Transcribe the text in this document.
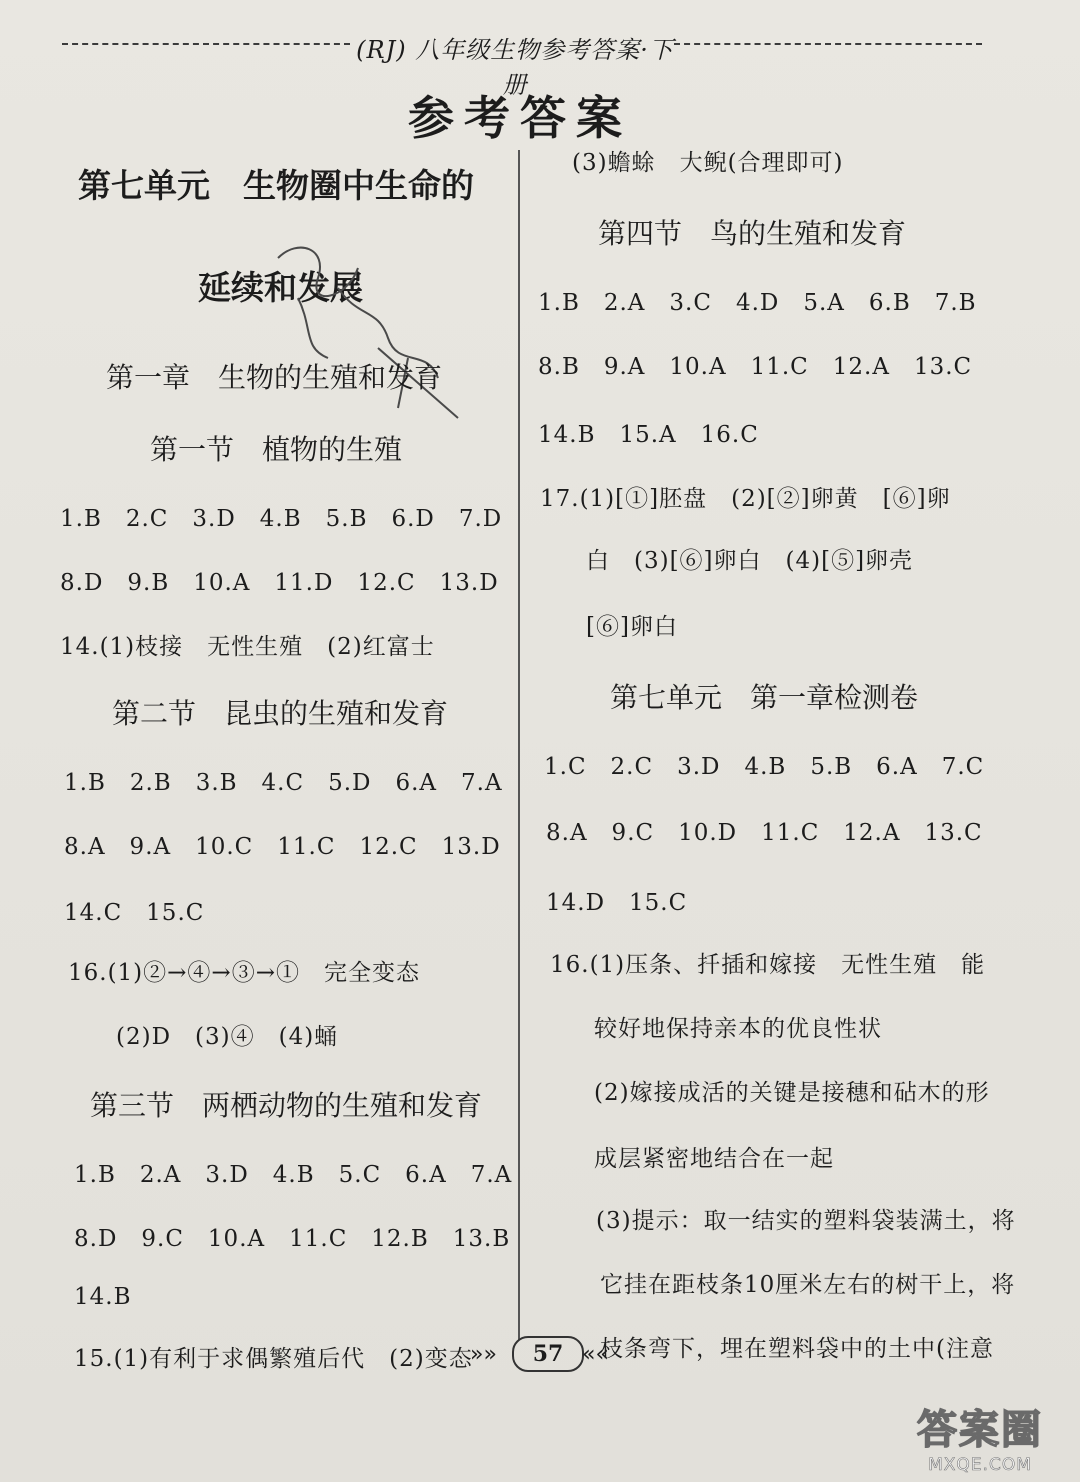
(RJ) 八年级生物参考答案·下册
参考答案
第七单元　生物圈中生命的
延续和发展
第一章　生物的生殖和发育
第一节　植物的生殖
1.B　2.C　3.D　4.B　5.B　6.D　7.D
8.D　9.B　10.A　11.D　12.C　13.D
14.(1)枝接　无性生殖　(2)红富士
第二节　昆虫的生殖和发育
1.B　2.B　3.B　4.C　5.D　6.A　7.A
8.A　9.A　10.C　11.C　12.C　13.D
14.C　15.C
16.(1)②→④→③→①　完全变态
(2)D　(3)④　(4)蛹
第三节　两栖动物的生殖和发育
1.B　2.A　3.D　4.B　5.C　6.A　7.A
8.D　9.C　10.A　11.C　12.B　13.B
14.B
15.(1)有利于求偶繁殖后代　(2)变态
(3)蟾蜍　大鲵(合理即可)
第四节　鸟的生殖和发育
1.B　2.A　3.C　4.D　5.A　6.B　7.B
8.B　9.A　10.A　11.C　12.A　13.C
14.B　15.A　16.C
17.(1)[①]胚盘　(2)[②]卵黄　[⑥]卵
白　(3)[⑥]卵白　(4)[⑤]卵壳
[⑥]卵白
第七单元　第一章检测卷
1.C　2.C　3.D　4.B　5.B　6.A　7.C
8.A　9.C　10.D　11.C　12.A　13.C
14.D　15.C
16.(1)压条、扦插和嫁接　无性生殖　能
较好地保持亲本的优良性状
(2)嫁接成活的关键是接穗和砧木的形
成层紧密地结合在一起
(3)提示：取一结实的塑料袋装满土，将
它挂在距枝条10厘米左右的树干上，将
枝条弯下，埋在塑料袋中的土中(注意
»»	57 ««
答案圈
MXQE.COM
